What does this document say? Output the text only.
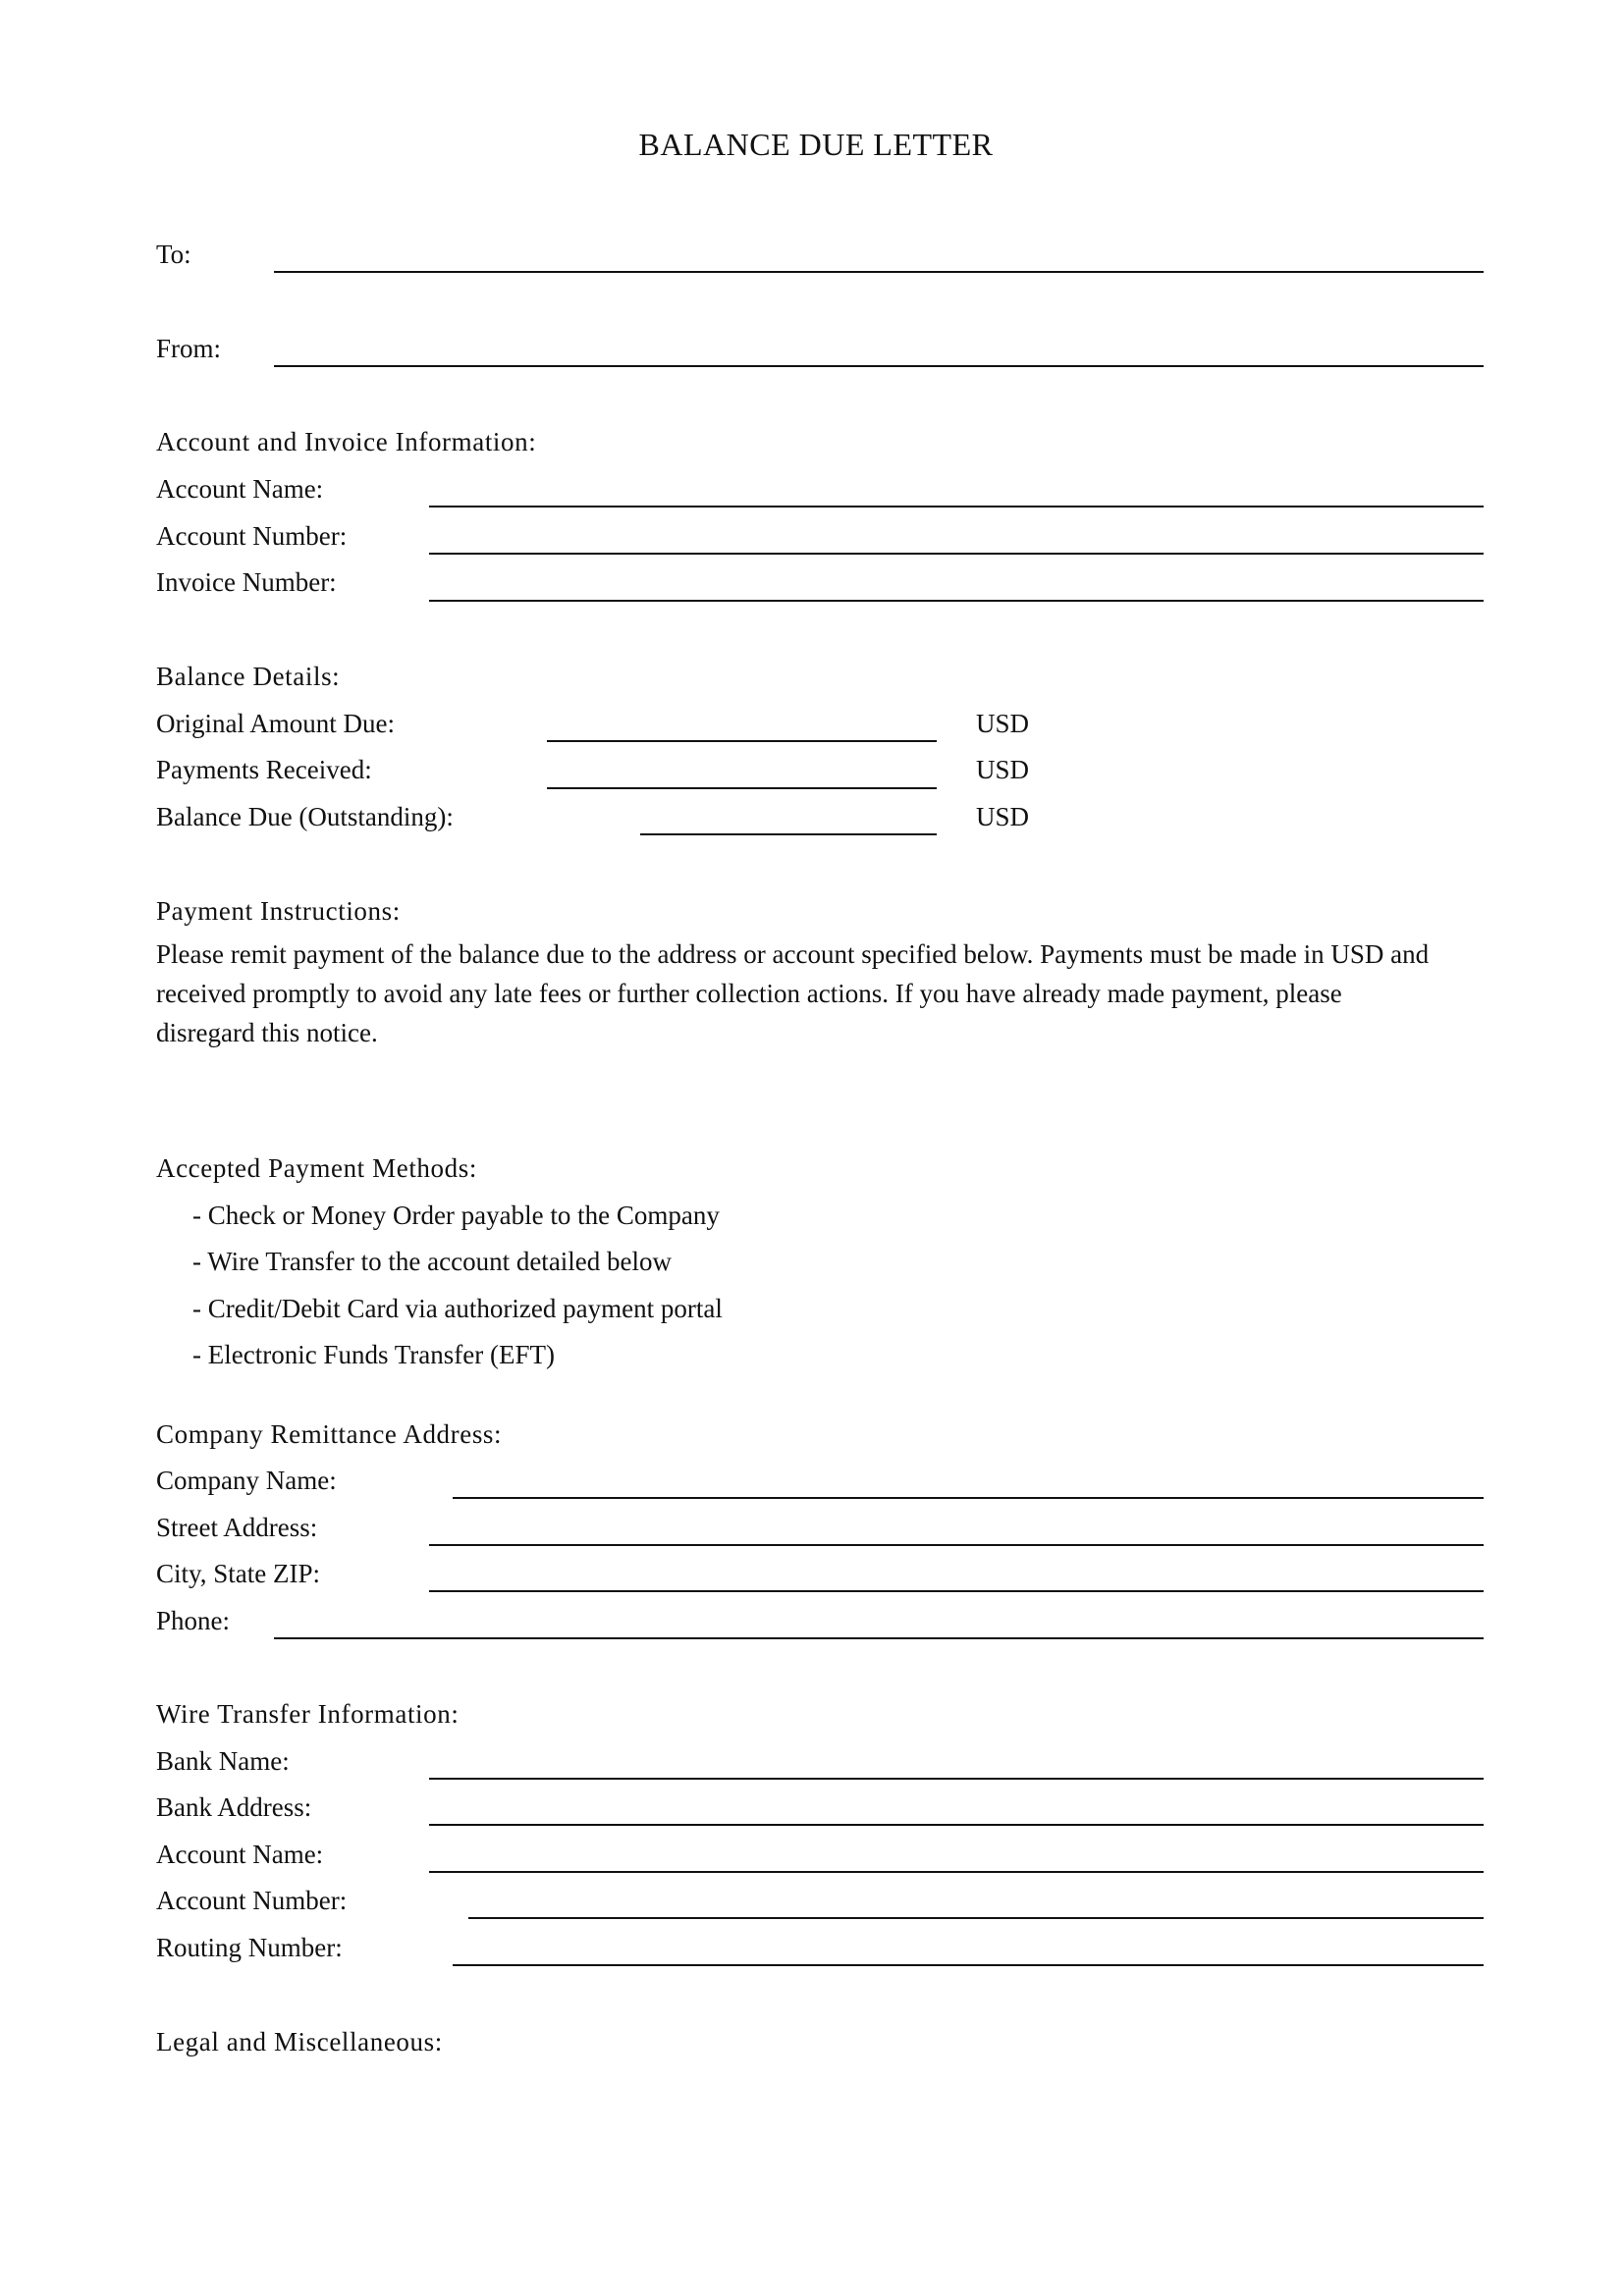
BALANCE DUE LETTER
To:
From:
Account and Invoice Information:
Account Name:
Account Number:
Invoice Number:
Balance Details:
Original Amount Due:	USD
Payments Received:	USD
Balance Due (Outstanding):	USD
Payment Instructions:

Please remit payment of the balance due to the address or account specified below. Payments must be made in USD and

received promptly to avoid any late fees or further collection actions. If you have already made payment, please

disregard this notice.

Accepted Payment Methods:
- Check or Money Order payable to the Company
- Wire Transfer to the account detailed below
- Credit/Debit Card via authorized payment portal
- Electronic Funds Transfer (EFT)
Company Remittance Address:
Company Name:
Street Address:
City, State ZIP:
Phone:
Wire Transfer Information:
Bank Name:
Bank Address:
Account Name:
Account Number:
Routing Number:
Legal and Miscellaneous:
